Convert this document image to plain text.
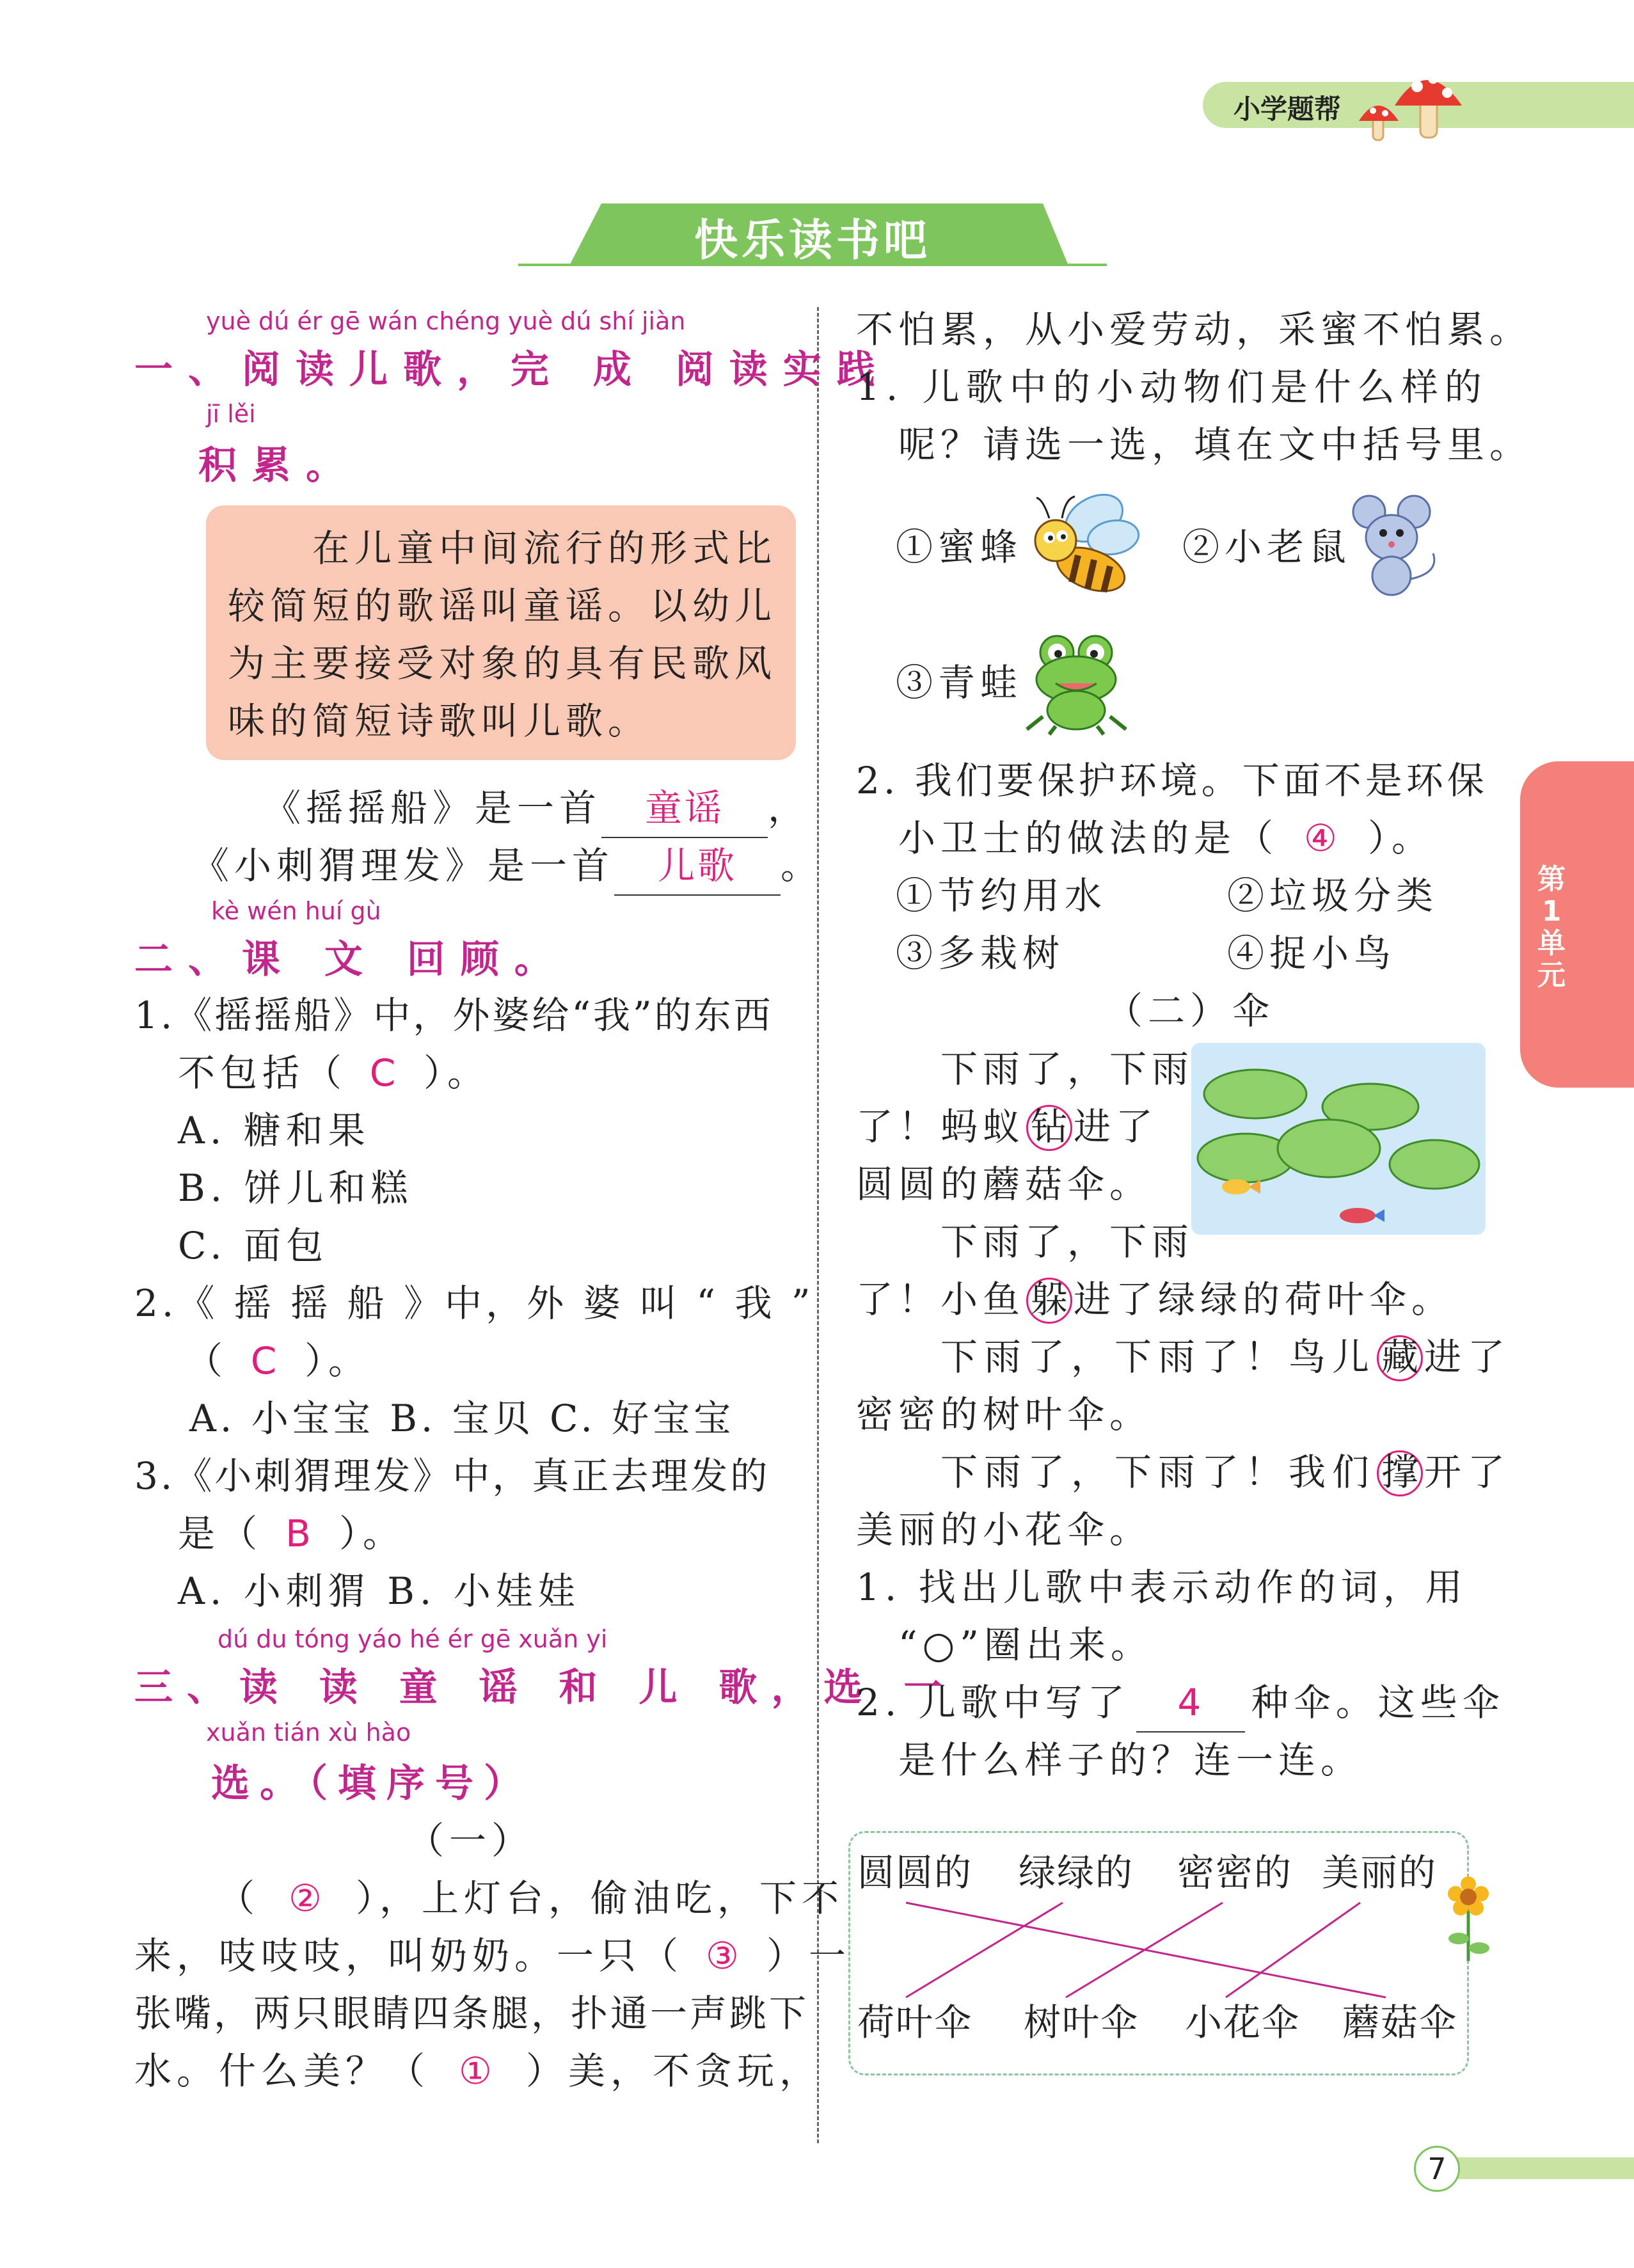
小学题帮
快乐读书吧
第1单元
7
yuè dú ér gē wán chéng yuè dú shí jiàn
一、阅读儿歌，完 成 阅读实践
jī lěi
积累。
在儿童中间流行的形式比
较简短的歌谣叫童谣。以幼儿
为主要接受对象的具有民歌风
味的简短诗歌叫儿歌。
《摇摇船》是一首 童谣 ，
《小刺猬理发》是一首 儿歌 。
kè wén huí gù
二、课 文 回顾。
1.《摇摇船》中，外婆给“我”的东西
不包括（ C ）。
A. 糖和果
B. 饼儿和糕
C. 面包
2.《 摇 摇 船 》中，外 婆 叫 “ 我 ”
（ C ）。
A. 小宝宝 B. 宝贝 C. 好宝宝
3.《小刺猬理发》中，真正去理发的
是（ B ）。
A. 小刺猬 B. 小娃娃
dú du tóng yáo hé ér gē xuǎn yi
三、读 读 童 谣 和 儿 歌，选 一
xuǎn tián xù hào
选。（填序号）
（一）
（ ② ），上灯台，偷油吃，下不
来，吱吱吱，叫奶奶。一只（ ③ ）一
张嘴，两只眼睛四条腿，扑通一声跳下
水。什么美？（ ① ）美，不贪玩，
不怕累，从小爱劳动，采蜜不怕累。
1. 儿歌中的小动物们是什么样的
呢？请选一选，填在文中括号里。
①蜜蜂	②小老鼠
③青蛙
2. 我们要保护环境。下面不是环保
小卫士的做法的是（ ④ ）。
①节约用水	②垃圾分类
③多栽树	④捉小鸟
（二）伞
下雨了，下雨
了！蚂蚁 钻 进了
圆圆的蘑菇伞。
下雨了，下雨
了！小鱼 躲 进了绿绿的荷叶伞。
下雨了，下雨了！鸟儿 藏 进了
密密的树叶伞。
下雨了，下雨了！我们 撑 开了
美丽的小花伞。
1. 找出儿歌中表示动作的词，用
“○”圈出来。
2. 儿歌中写了 4 种伞。这些伞
是什么样子的？连一连。
圆圆的 绿绿的 密密的 美丽的
荷叶伞 树叶伞 小花伞 蘑菇伞
